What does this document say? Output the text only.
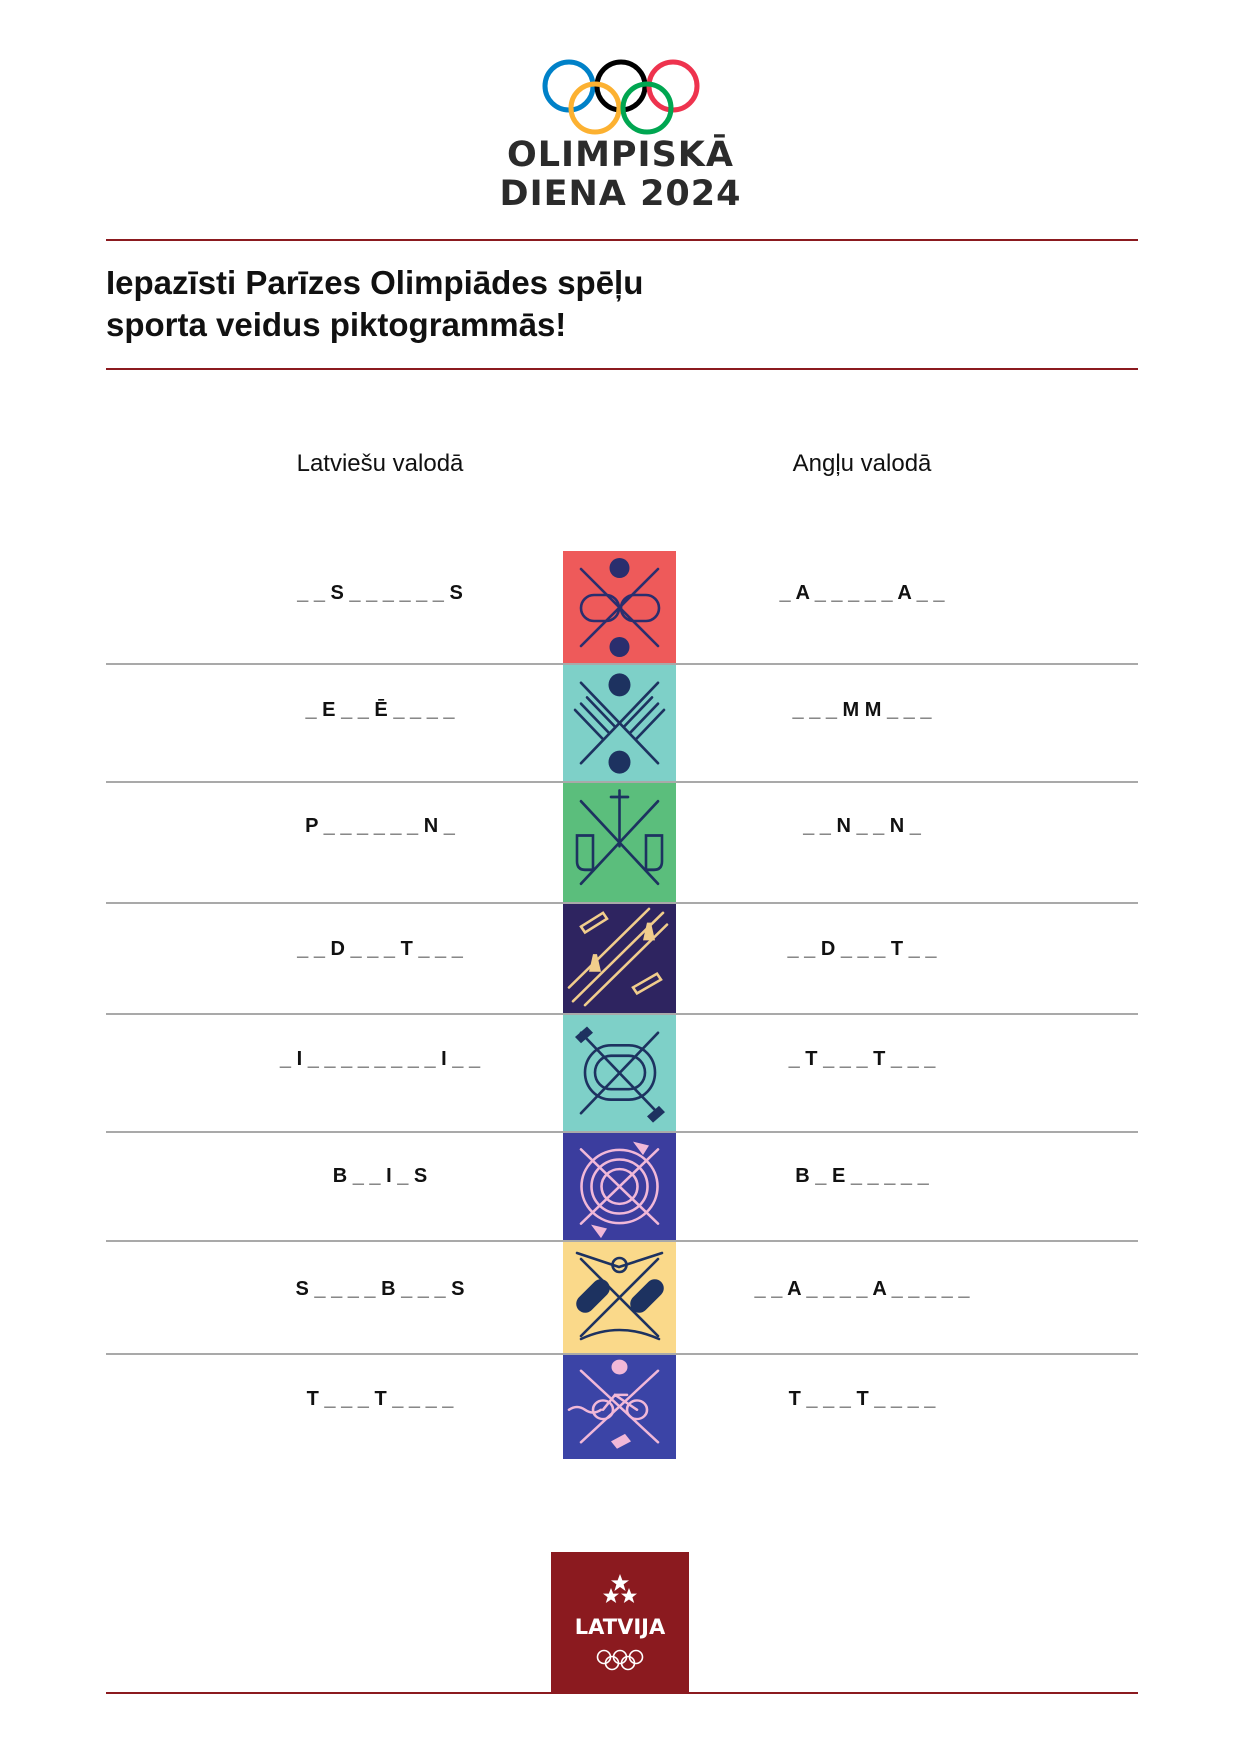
OLIMPISKĀ
DIENA 2024
Iepazīsti Parīzes Olimpiādes spēļu
sporta veidus piktogrammās!
Latviešu valodā	Angļu valodā
_ _ S _ _ _ _ _ _ S	_ A _ _ _ _ _ A _ _
_ E _ _ Ē _ _ _ _	_ _ _ M M _ _ _
P _ _ _ _ _ _ N _	_ _ N _ _ N _
_ _ D _ _ _ T _ _ _	_ _ D _ _ _ T _ _
_ I _ _ _ _ _ _ _ _ I _ _	_ T _ _ _ T _ _ _
B _ _ I _ S	B _ E _ _ _ _ _
S _ _ _ _ B _ _ _ S	_ _ A _ _ _ _ A _ _ _ _ _
T _ _ _ T _ _ _ _	T _ _ _ T _ _ _ _
LATVIJA
